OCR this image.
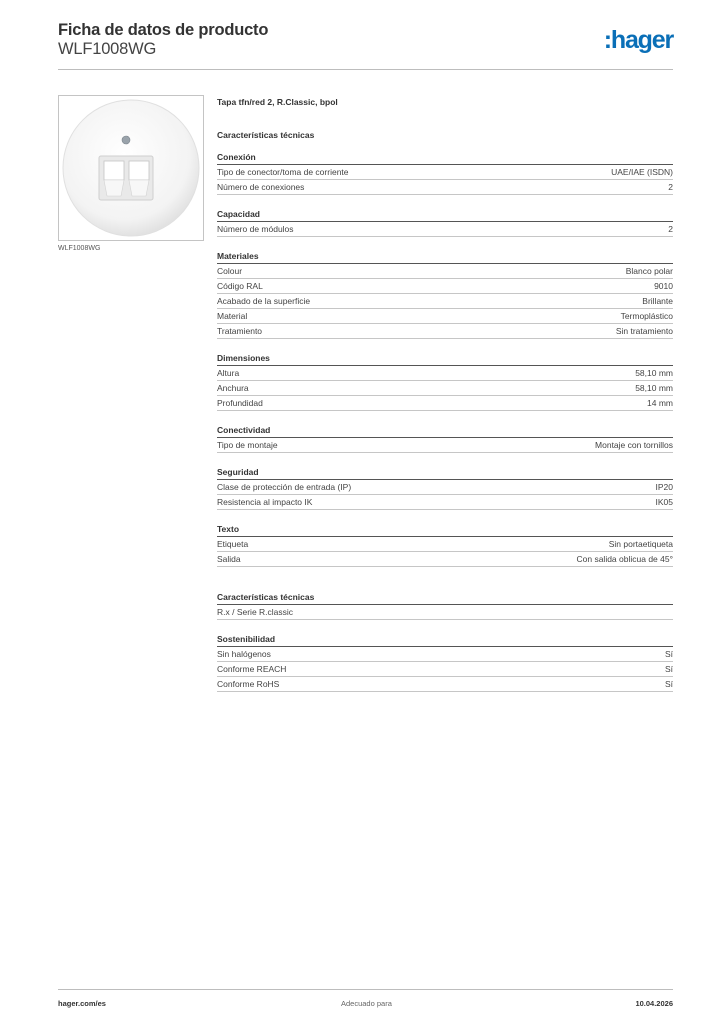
Ficha de datos de producto
WLF1008WG	:hager
WLF1008WG
Tapa tfn/red 2, R.Classic, bpol
Características técnicas
Conexión
Tipo de conector/toma de corriente	UAE/IAE (ISDN)
Número de conexiones	2
Capacidad
Número de módulos	2
Materiales
Colour	Blanco polar
Código RAL	9010
Acabado de la superficie	Brillante
Material	Termoplástico
Tratamiento	Sin tratamiento
Dimensiones
Altura	58,10 mm
Anchura	58,10 mm
Profundidad	14 mm
Conectividad
Tipo de montaje	Montaje con tornillos
Seguridad
Clase de protección de entrada (IP)	IP20
Resistencia al impacto IK	IK05
Texto
Etiqueta	Sin portaetiqueta
Salida	Con salida oblicua de 45°
Características técnicas
R.x / Serie R.classic
Sostenibilidad
Sin halógenos	Sí
Conforme REACH	Sí
Conforme RoHS	Sí
hager.com/es	Adecuado para	10.04.2026
